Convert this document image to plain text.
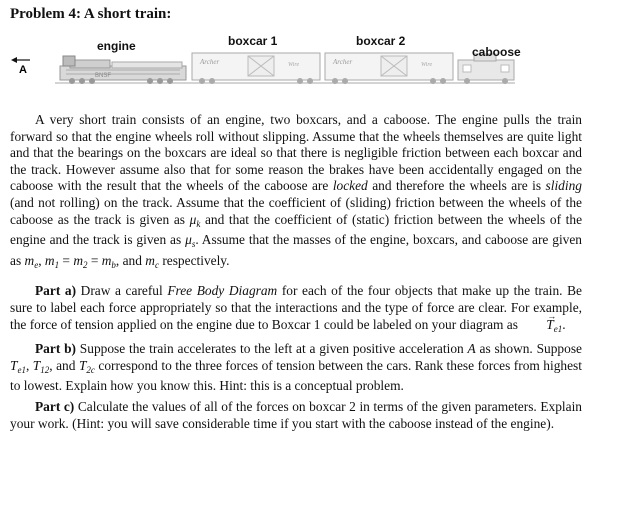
Problem 4: A short train:
A	BNSF
Archer	Wire	Archer	Wire
engine	boxcar 1	boxcar 2
caboose

A very short train consists of an engine, two boxcars, and a caboose. The engine pulls the train forward so that the engine wheels roll without slipping. Assume that the wheels themselves are quite light and that the bearings on the boxcars are ideal so that there is negligible friction between each boxcar and the track. However assume also that for some reason the brakes have been accidentally engaged on the caboose with the result that the wheels of the caboose are locked and therefore the wheels are is sliding (and not rolling) on the track. Assume that the coefficient of (sliding) friction between the wheels of the caboose as the track is given as $\mu_k$ and that the coefficient of (static) friction between the wheels of the engine and the track is given as $\mu_s$. Assume that the masses of the engine, boxcars, and caboose are given as $m_e$, $m_1 = m_2 = m_b$, and $m_c$ respectively.

Part a) Draw a careful Free Body Diagram for each of the four objects that make up the train. Be sure to label each force appropriately so that the interactions and the type of force are clear. For example, the force of tension applied on the engine due to Boxcar 1 could be labeled on your diagram as → $T_{e1}$.

Part b) Suppose the train accelerates to the left at a given positive acceleration A as shown. Suppose $T_{e1}$, $T_{12}$, and $T_{2c}$ correspond to the three forces of tension between the cars. Rank these forces from highest to lowest. Explain how you know this. Hint: this is a conceptual problem.

Part c) Calculate the values of all of the forces on boxcar 2 in terms of the given parameters. Explain your work. (Hint: you will save considerable time if you start with the caboose instead of the engine).
